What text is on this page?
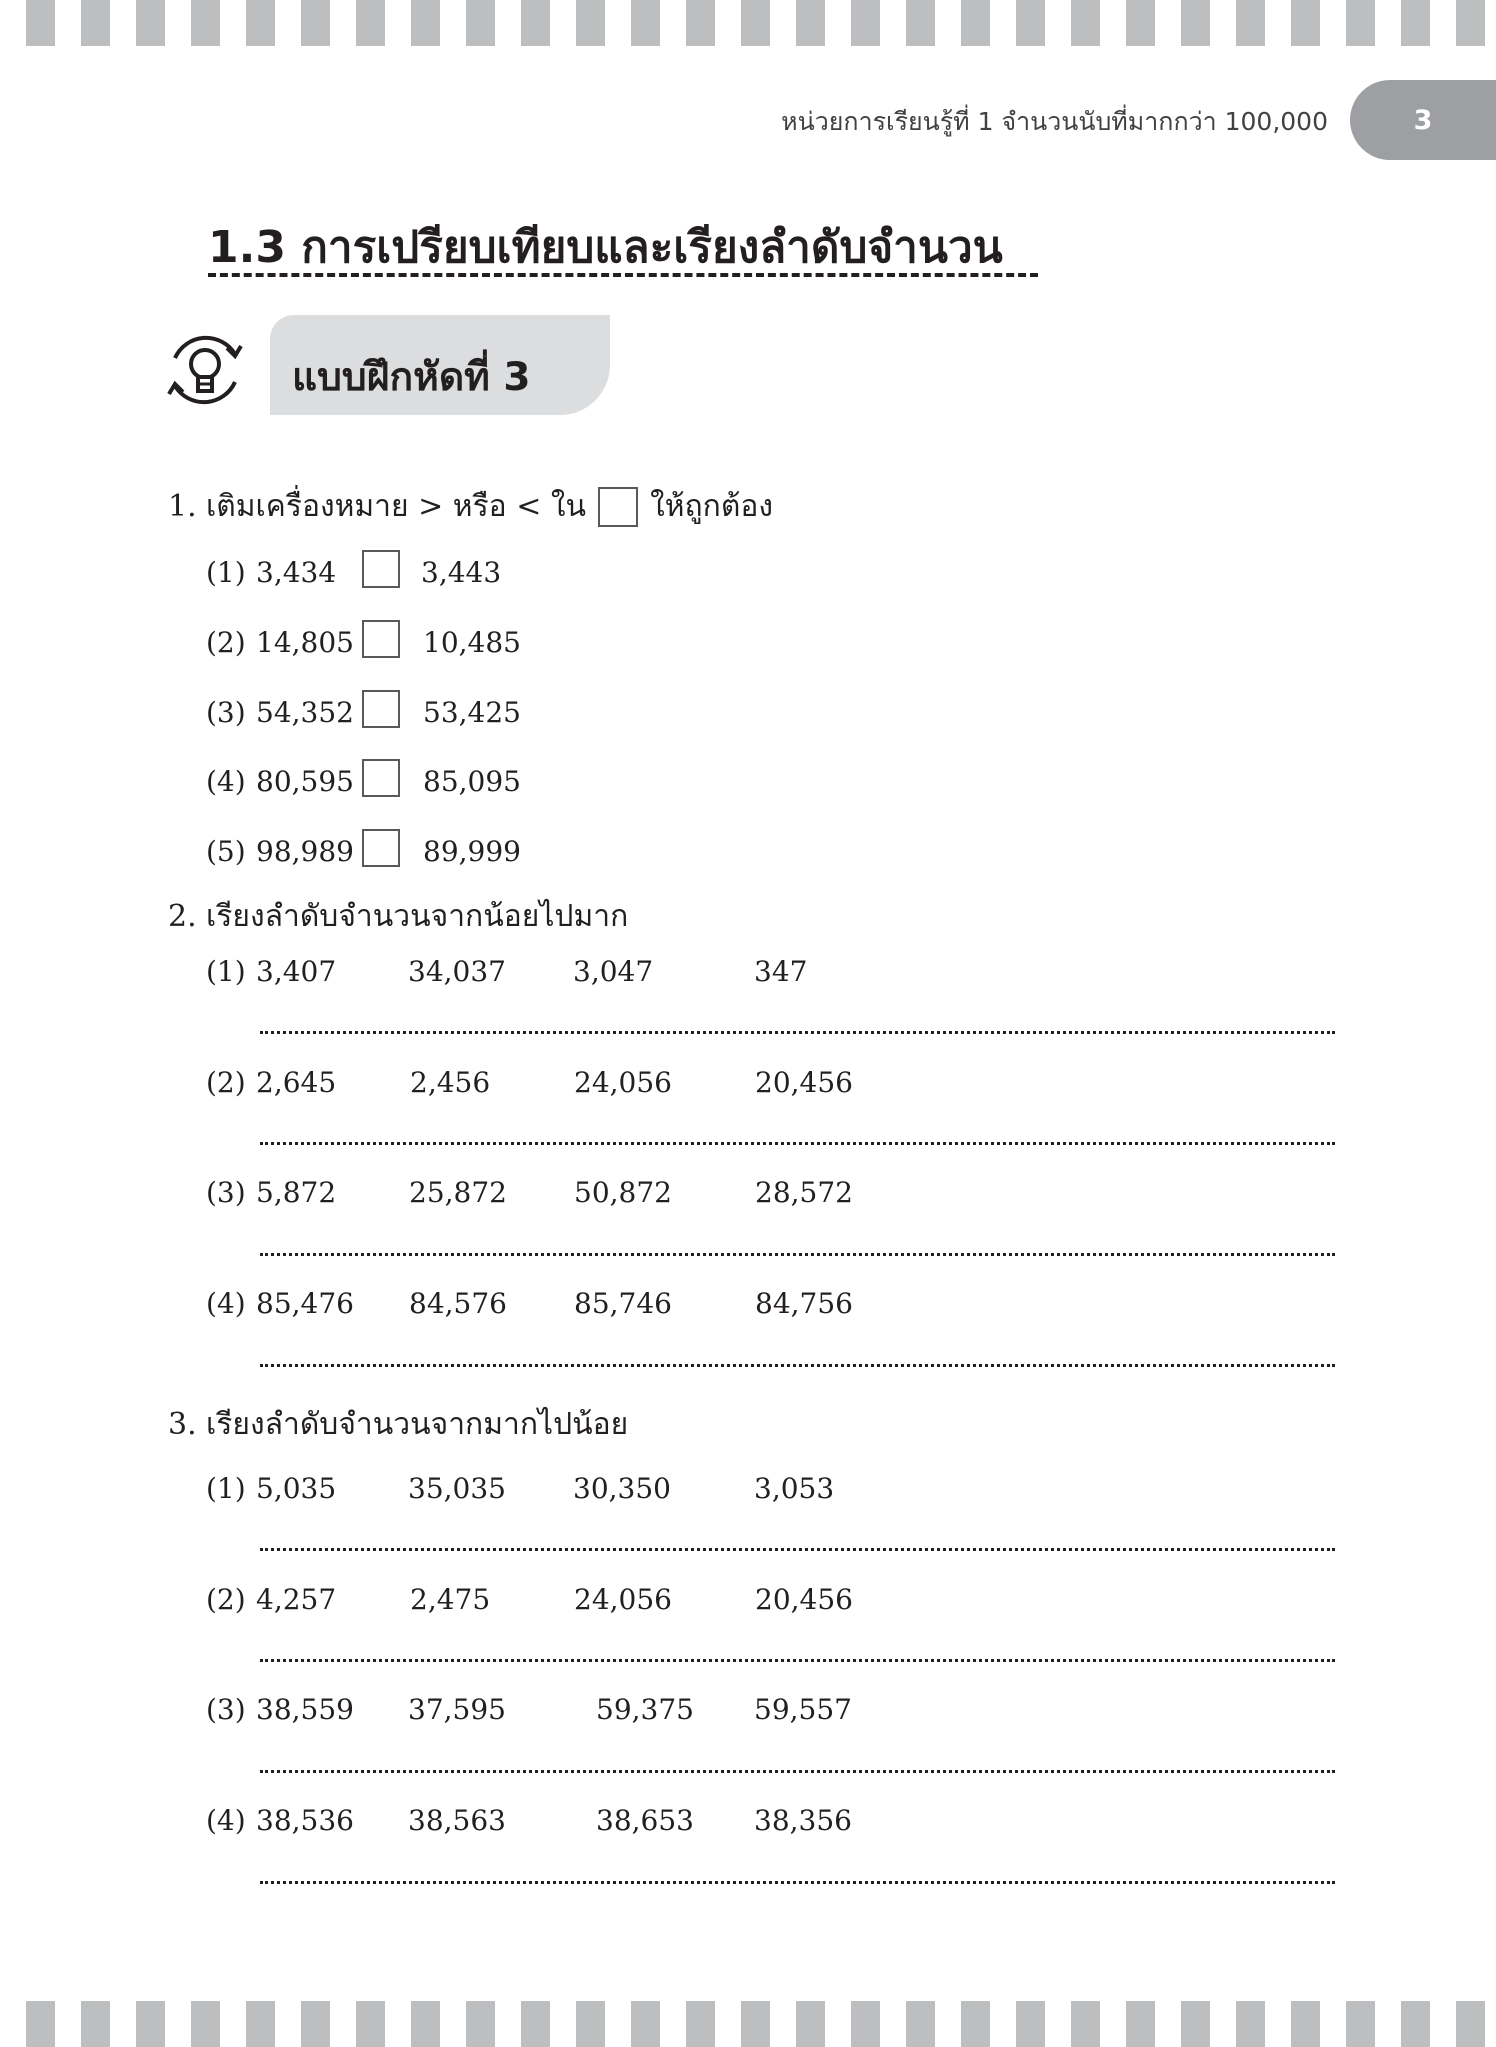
หน่วยการเรียนรู้ที่ 1 จำนวนนับที่มากกว่า 100,000	3
1.3 การเปรียบเทียบและเรียงลำดับจำนวน
แบบฝึกหัดที่ 3
1. เติมเครื่องหมาย > หรือ < ใน ให้ถูกต้อง
(1) 3,434	3,443
(2) 14,805 10,485
(3) 54,352 53,425
(4) 80,595 85,095
(5) 98,989 89,999
2. เรียงลำดับจำนวนจากน้อยไปมาก
(1) 3,407	34,037 3,047	347
(2) 2,645	2,456	24,056	20,456
(3) 5,872	25,872 50,872	28,572
(4) 85,476 84,576 85,746	84,756
3. เรียงลำดับจำนวนจากมากไปน้อย
(1) 5,035	35,035 30,350	3,053
(2) 4,257	2,475	24,056	20,456
(3) 38,559 37,595	59,375 59,557
(4) 38,536 38,563	38,653 38,356
